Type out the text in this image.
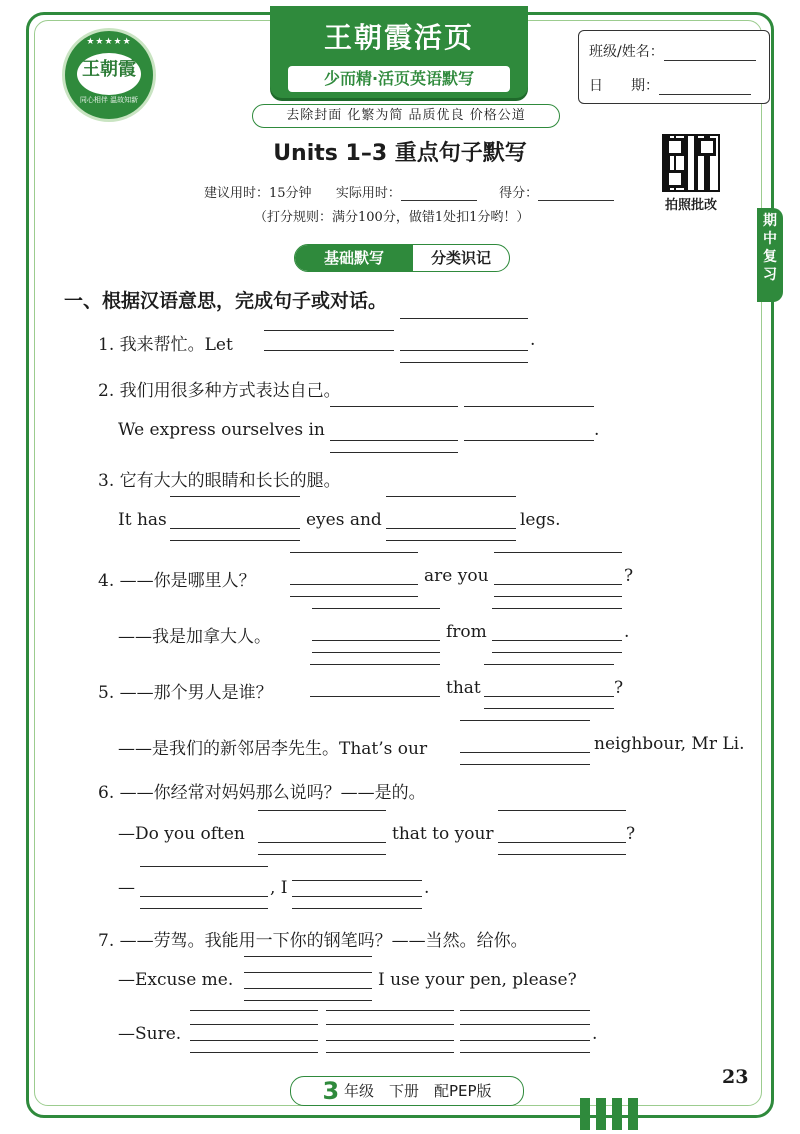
★★★★★
王朝霞
同心相伴 温故知新
王朝霞活页
少而精·活页英语默写
去除封面 化繁为简 品质优良 价格公道
班级/姓名：
日　　期：
Units 1–3 重点句子默写
拍照批改
建议用时：15分钟 实际用时：	得分：
（打分规则：满分100分，做错1处扣1分哟！）	期
中
复
习
基础默写	分类识记
一、根据汉语意思，完成句子或对话。
1. 我来帮忙。Let	.
2. 我们用很多种方式表达自己。
We express ourselves in	.
3. 它有大大的眼睛和长长的腿。
It has	eyes and	legs.
4. ——你是哪里人？	are you	?
——我是加拿大人。	from	.
5. ——那个男人是谁？	that	?
——是我们的新邻居李先生。That’s our	neighbour, Mr Li.
6. ——你经常对妈妈那么说吗？——是的。
—Do you often	that to your	?
—	, I	.
7. ——劳驾。我能用一下你的钢笔吗？——当然。给你。
—Excuse me.	I use your pen, please?
—Sure.	.
3 年级　下册　配PEP版
23
